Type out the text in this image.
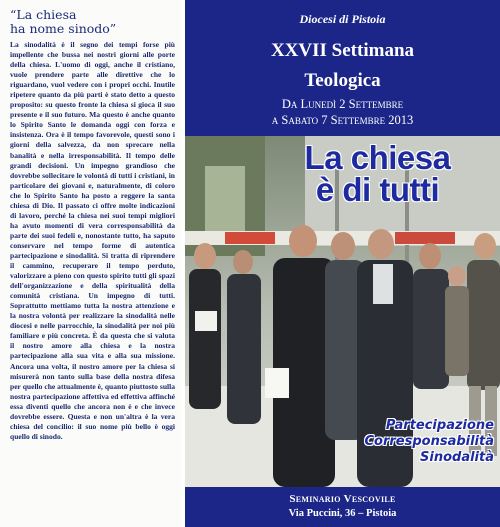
“La chiesa
ha nome sinodo”

La sinodalità è il segno dei tempi forse più impellente che bussa nei nostri giorni alle porte della chiesa. L'uomo di oggi, anche il cristiano, vuole prendere parte alle direttive che lo riguardano, vuol vedere con i propri occhi. Inutile ripetere quanto da più parti è stato detto a questo proposito: su questo fronte la chiesa si gioca il suo presente e il suo futuro. Ma questo è anche quanto lo Spirito Santo le domanda oggi con forza e insistenza. Ora è il tempo favorevole, questi sono i giorni della salvezza, da non sprecare nella banalità e nella irresponsabilità. Il tempo delle grandi decisioni. Un impegno grandioso che dovrebbe sollecitare le volontà di tutti i cristiani, in particolare dei giovani e, naturalmente, di coloro che lo Spirito Santo ha posto a reggere la santa chiesa di Dio. Il passato ci offre molte indicazioni di lavoro, perché la chiesa nei suoi tempi migliori ha avuto momenti di vera corresponsabilità da parte dei suoi fedeli e, nonostante tutto, ha saputo conservare nel tempo forme di autentica partecipazione e sinodalità. Si tratta di riprendere il cammino, recuperare il tempo perduto, valorizzare a pieno con questo spirito tutti gli spazi dell'organizzazione e della spiritualità della comunità cristiana. Un impegno di tutti. Soprattutto mettiamo tutta la nostra attenzione e la nostra volontà per realizzare la sinodalità nelle diocesi e nelle parrocchie, la sinodalità per noi più familiare e più concreta. È da questa che si valuta il nostro amore alla chiesa e la nostra partecipazione alla sua vita e alla sua missione. Ancora una volta, il nostro amore per la chiesa si misurerà non tanto sulla base della nostra difesa per quello che attualmente è, quanto piuttosto sulla nostra partecipazione affettiva ed effettiva affinché essa diventi quello che ancora non è e che invece dovrebbe essere. Questa e non un'altra è la vera chiesa del concilio: il suo nome più bello è oggi quello di sinodo.

Diocesi di Pistoia
XXVII Settimana
Teologica
Da Lunedì 2 Settembre
a Sabato 7 Settembre 2013
La chiesa
è di tutti
Partecipazione
Corresponsabilità
Sinodalità
Seminario Vescovile
Via Puccini, 36 – Pistoia
